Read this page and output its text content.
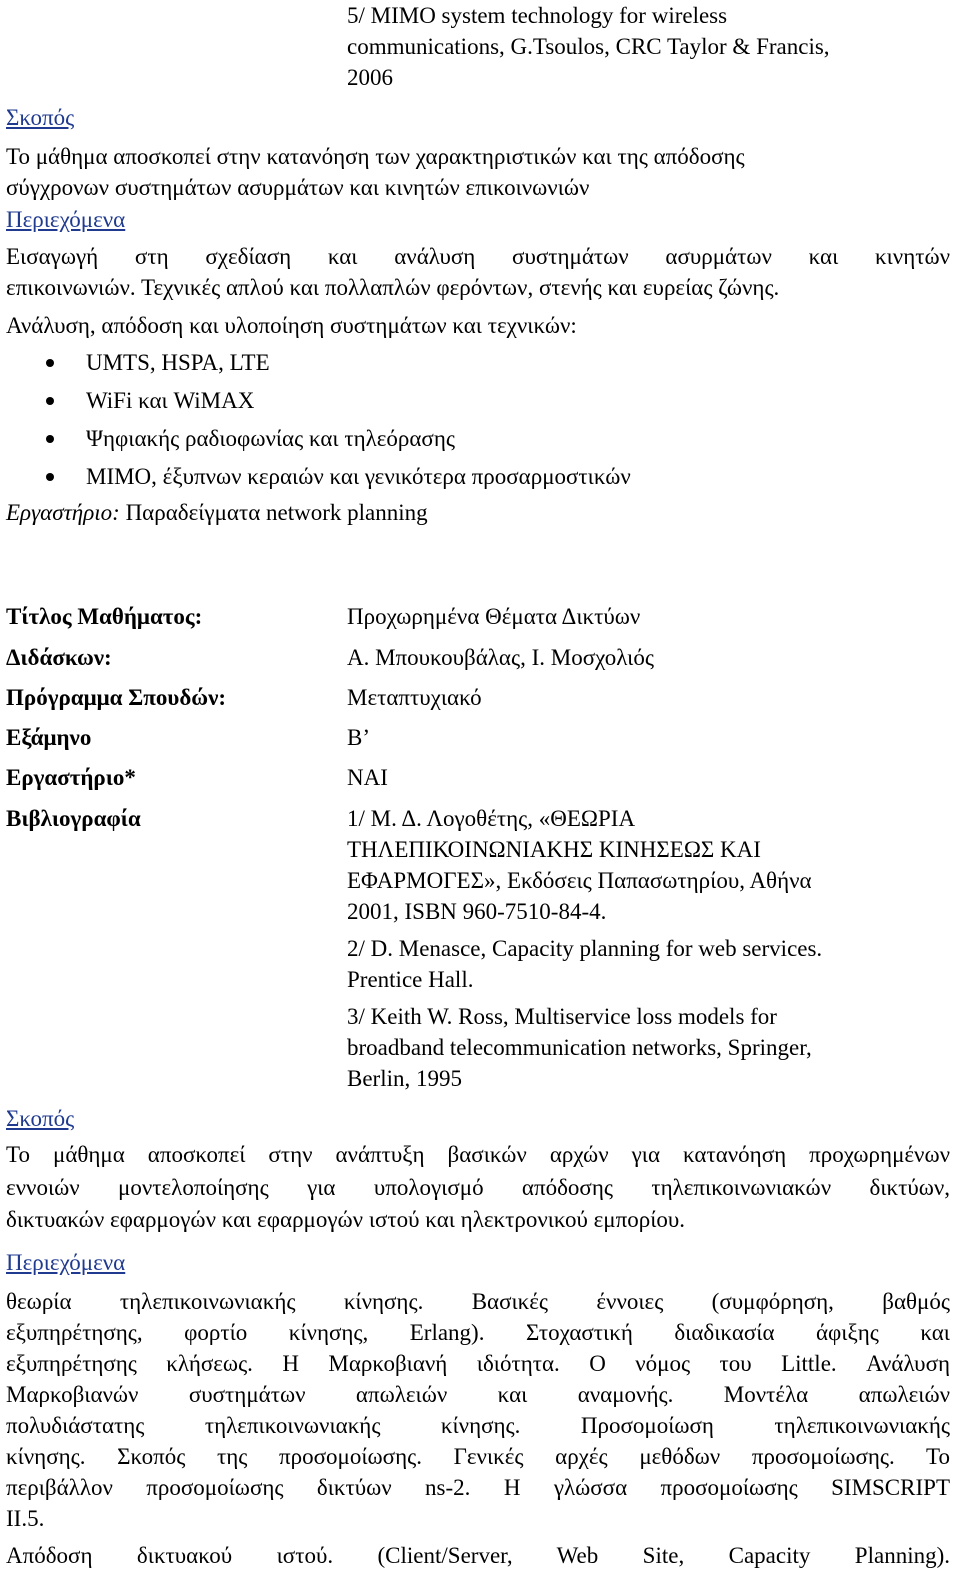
5/ MIMO system technology for wireless
communications, G.Tsoulos, CRC Taylor & Francis,
2006
Σκοπός
Το μάθημα αποσκοπεί στην κατανόηση των χαρακτηριστικών και της απόδοσης
σύγχρονων συστημάτων ασυρμάτων και κινητών επικοινωνιών
Περιεχόμενα
Εισαγωγή στη σχεδίαση και ανάλυση συστημάτων ασυρμάτων και κινητών
επικοινωνιών. Τεχνικές απλού και πολλαπλών φερόντων, στενής και ευρείας ζώνης.
Ανάλυση, απόδοση και υλοποίηση συστημάτων και τεχνικών:
UMTS, HSPA, LTE
WiFi και WiMAX
Ψηφιακής ραδιοφωνίας και τηλεόρασης
MIMO, έξυπνων κεραιών και γενικότερα προσαρμοστικών
Εργαστήριο: Παραδείγματα network planning
Τίτλος Μαθήματος:	Προχωρημένα Θέματα Δικτύων
Διδάσκων:	Α. Μπουκουβάλας, Ι. Μοσχολιός
Πρόγραμμα Σπουδών:	Μεταπτυχιακό
Εξάμηνο	Β’
Εργαστήριο*	ΝΑΙ
Βιβλιογραφία	1/ Μ. Δ. Λογοθέτης, «ΘΕΩΡΙΑ
ΤΗΛΕΠΙΚΟΙΝΩΝΙΑΚΗΣ ΚΙΝΗΣΕΩΣ ΚΑΙ
ΕΦΑΡΜΟΓΕΣ», Εκδόσεις Παπασωτηρίου, Αθήνα
2001, ISBN 960-7510-84-4.
2/ D. Menasce, Capacity planning for web services.
Prentice Hall.
3/ Keith W. Ross, Multiservice loss models for
broadband telecommunication networks, Springer,
Berlin, 1995
Σκοπός
Το μάθημα αποσκοπεί στην ανάπτυξη βασικών αρχών για κατανόηση προχωρημένων
εννοιών μοντελοποίησης για υπολογισμό απόδοσης τηλεπικοινωνιακών δικτύων,
δικτυακών εφαρμογών και εφαρμογών ιστού και ηλεκτρονικού εμπορίου.
Περιεχόμενα
θεωρία τηλεπικοινωνιακής κίνησης. Βασικές έννοιες (συμφόρηση, βαθμός
εξυπηρέτησης, φορτίο κίνησης, Erlang). Στοχαστική διαδικασία άφιξης και
εξυπηρέτησης κλήσεως. Η Μαρκοβιανή ιδιότητα. Ο νόμος του Little. Ανάλυση
Μαρκοβιανών συστημάτων απωλειών και αναμονής. Μοντέλα απωλειών
πολυδιάστατης τηλεπικοινωνιακής κίνησης. Προσομοίωση τηλεπικοινωνιακής
κίνησης. Σκοπός της προσομοίωσης. Γενικές αρχές μεθόδων προσομοίωσης. Το
περιβάλλον προσομοίωσης δικτύων ns-2. Η γλώσσα προσομοίωσης SIMSCRIPT
II.5.
Απόδοση δικτυακού ιστού. (Client/Server, Web Site, Capacity Planning).
